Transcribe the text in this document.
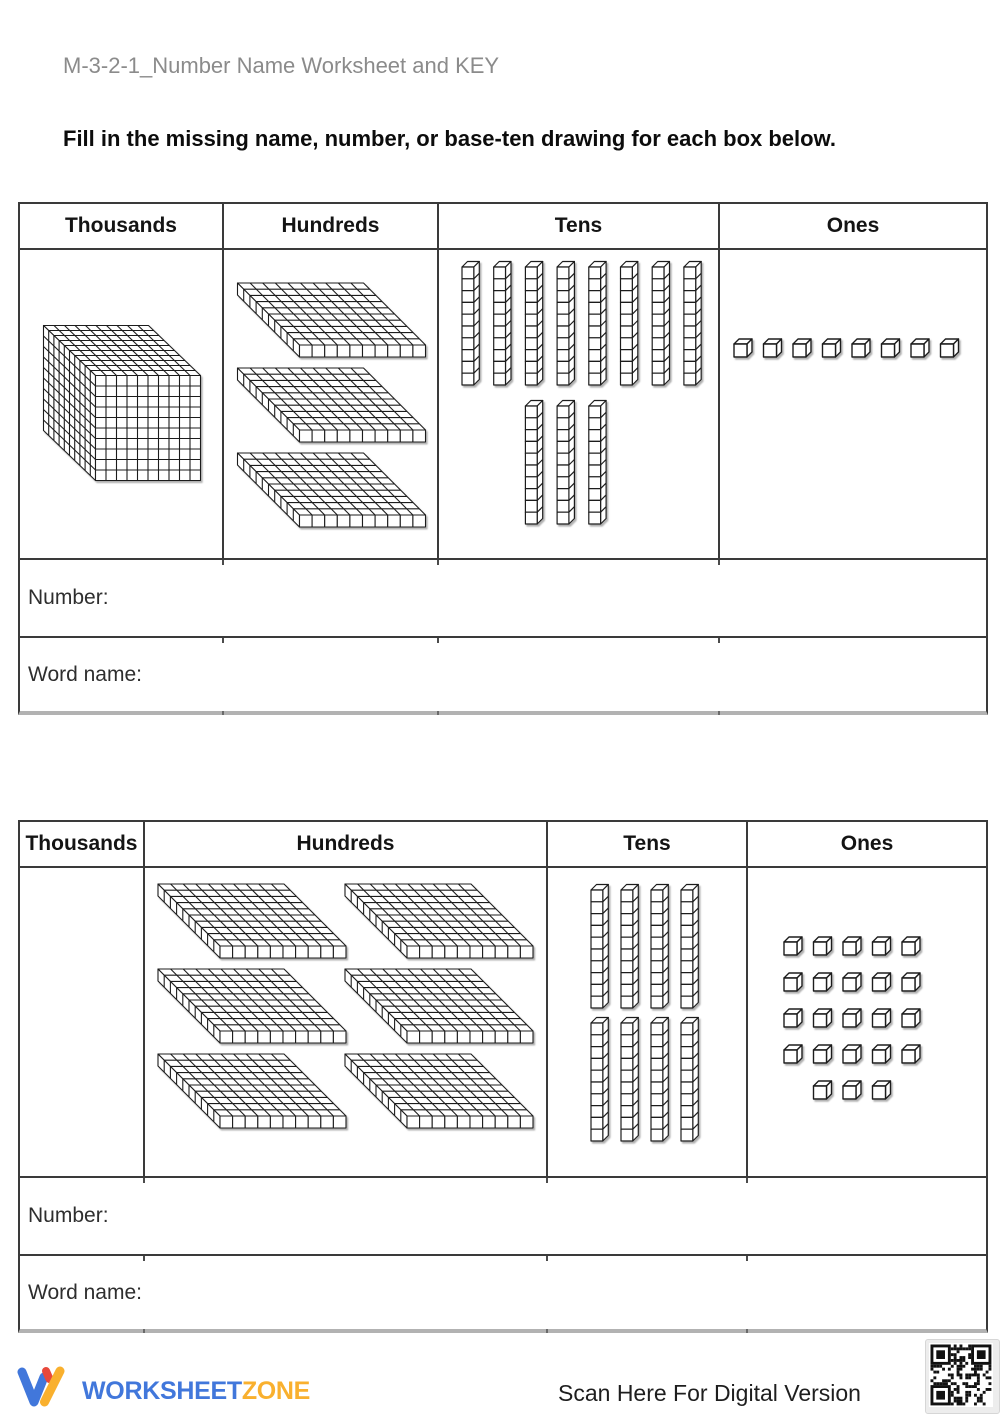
M-3-2-1_Number Name Worksheet and KEY
Fill in the missing name, number, or base-ten drawing for each box below.
Thousands	Hundreds	Tens	Ones
Number:
Word name:
Thousands	Hundreds	Tens	Ones
Number:
Word name:
WORKSHEETZONE	Scan Here For Digital Version
